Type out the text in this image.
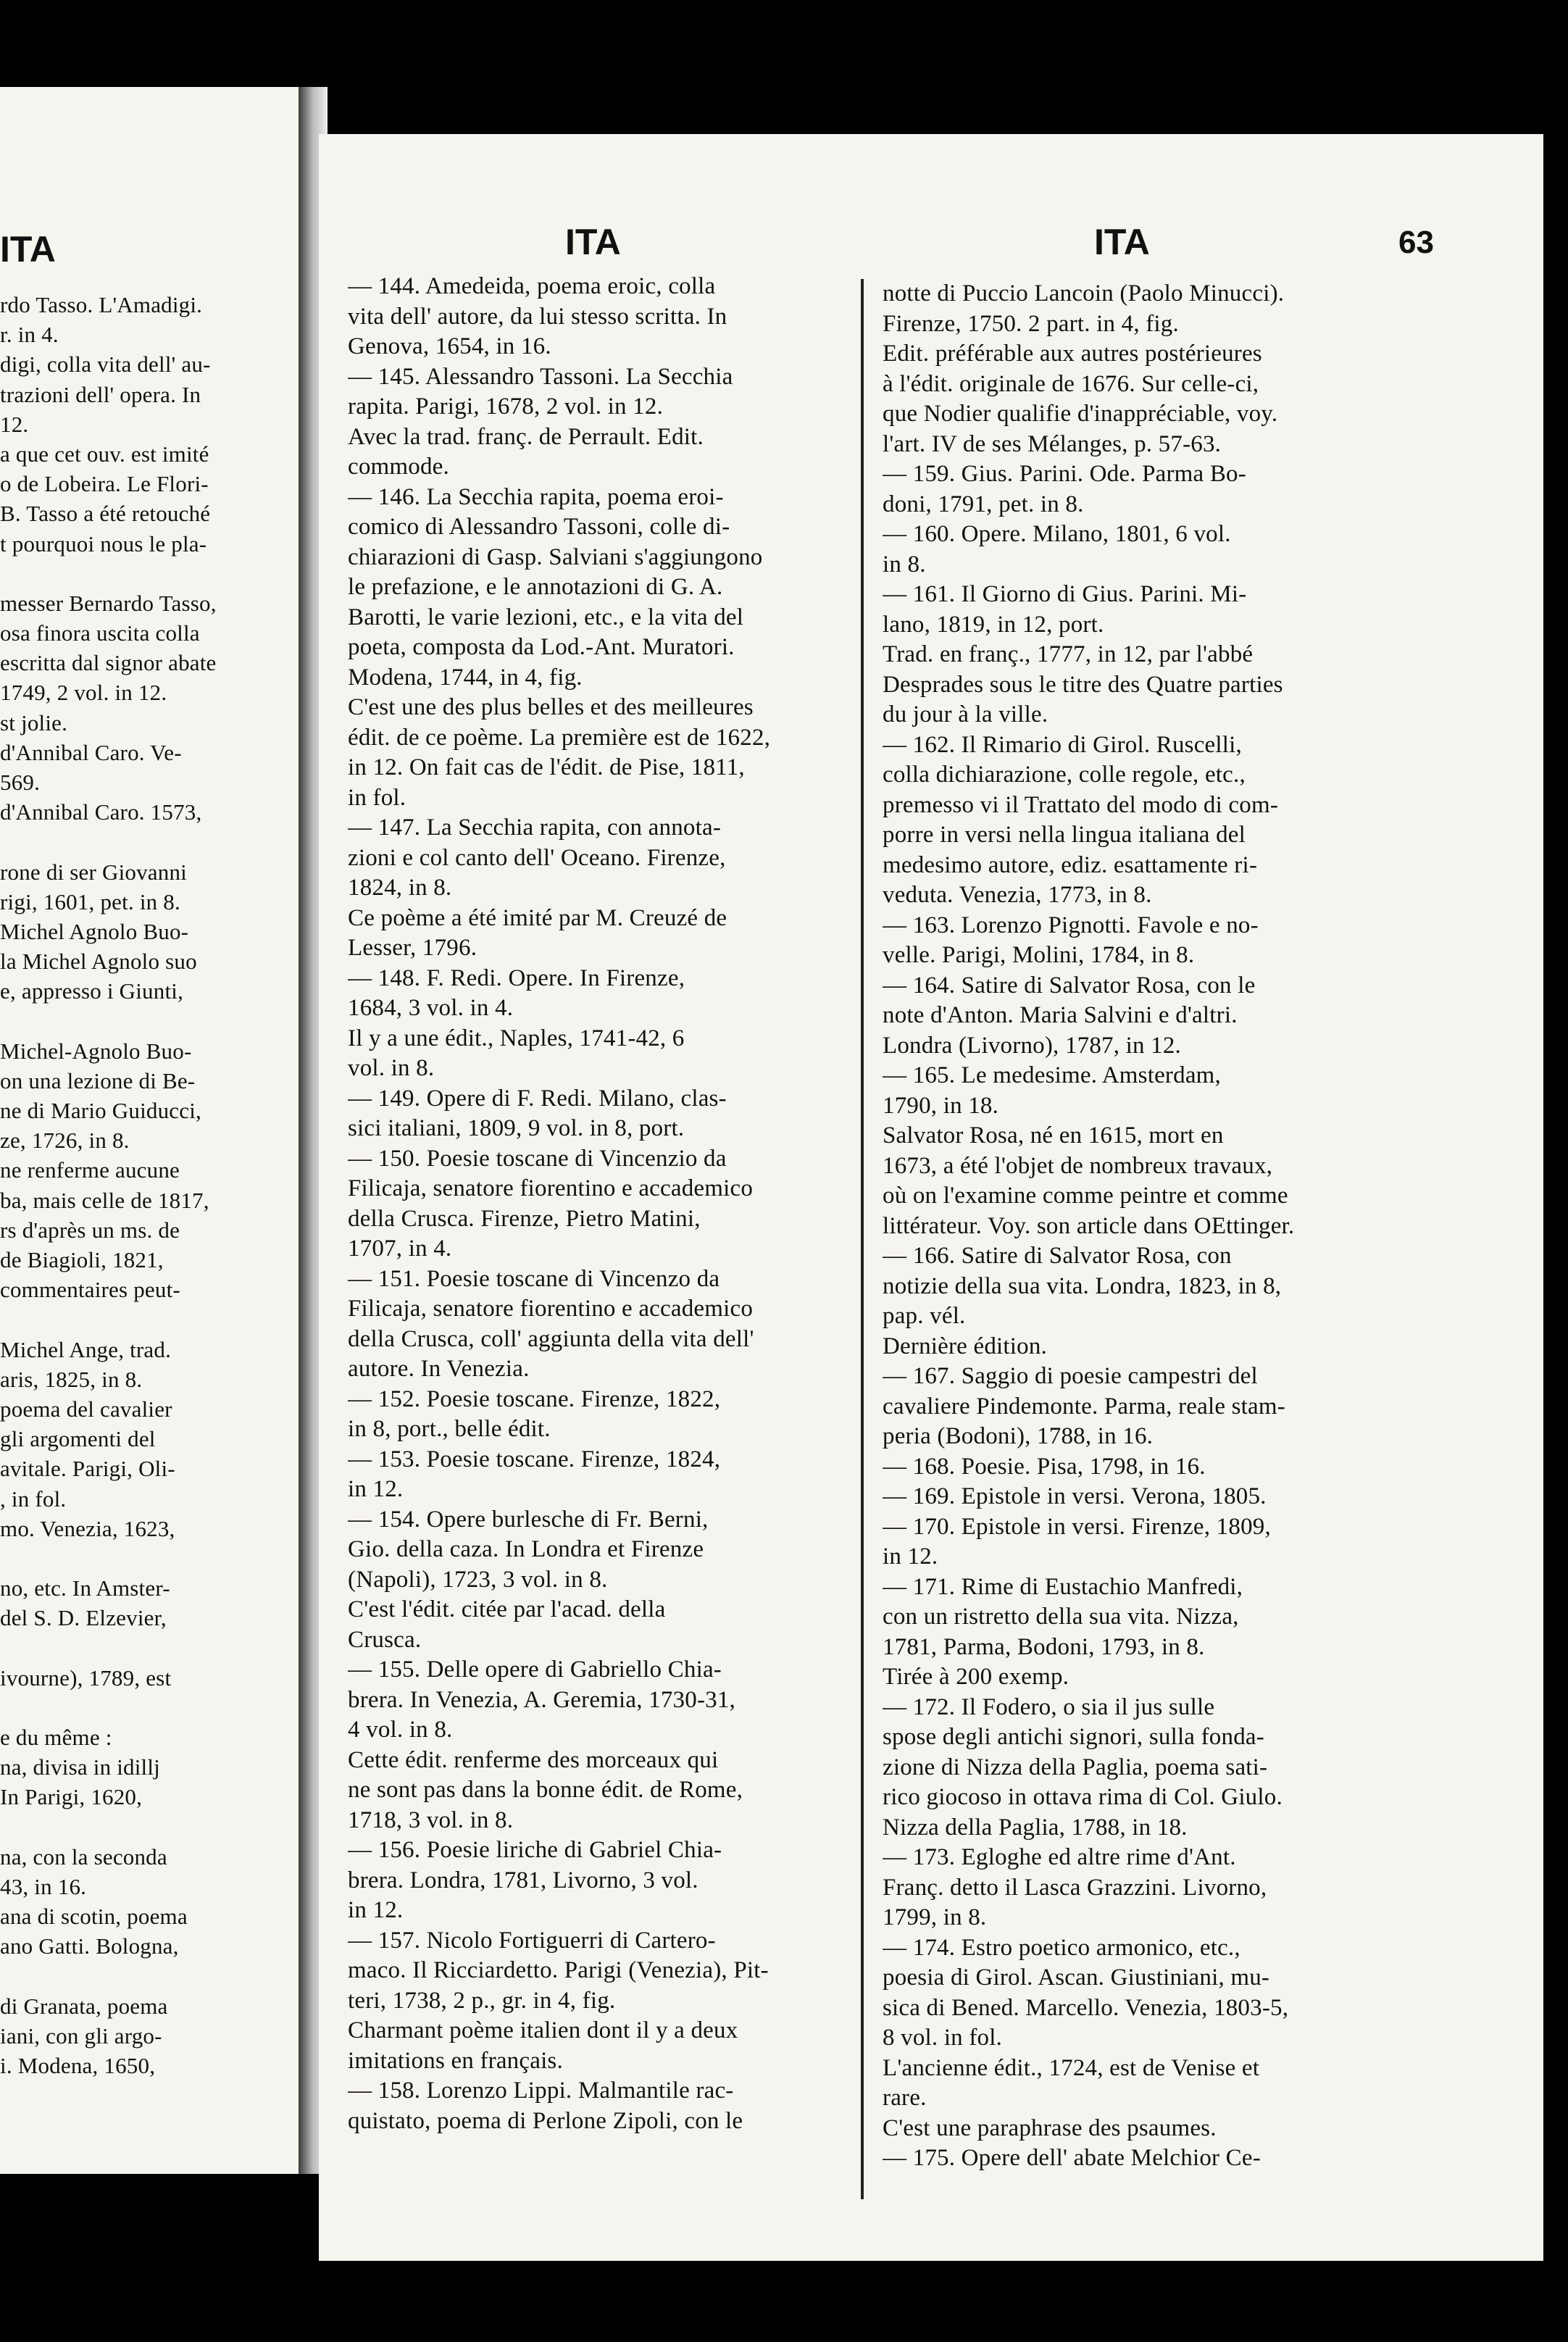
ITA
rdo Tasso. L'Amadigi.
r. in 4.
digi, colla vita dell' au-
trazioni dell' opera. In
12.
a que cet ouv. est imité
o de Lobeira. Le Flori-
B. Tasso a été retouché
t pourquoi nous le pla-
messer Bernardo Tasso,
osa finora uscita colla
escritta dal signor abate
1749, 2 vol. in 12.
st jolie.
d'Annibal Caro. Ve-
569.
d'Annibal Caro. 1573,
rone di ser Giovanni
rigi, 1601, pet. in 8.
Michel Agnolo Buo-
la Michel Agnolo suo
e, appresso i Giunti,
Michel-Agnolo Buo-
on una lezione di Be-
ne di Mario Guiducci,
ze, 1726, in 8.
ne renferme aucune
ba, mais celle de 1817,
rs d'après un ms. de
de Biagioli, 1821,
commentaires peut-
Michel Ange, trad.
aris, 1825, in 8.
poema del cavalier
gli argomenti del
avitale. Parigi, Oli-
, in fol.
mo. Venezia, 1623,
no, etc. In Amster-
del S. D. Elzevier,
ivourne), 1789, est
e du même :
na, divisa in idillj
In Parigi, 1620,
na, con la seconda
43, in 16.
ana di scotin, poema
ano Gatti. Bologna,
di Granata, poema
iani, con gli argo-
i. Modena, 1650,
ITA	ITA	63
— 144. Amedeida, poema eroic, colla
vita dell' autore, da lui stesso scritta. In
Genova, 1654, in 16.
— 145. Alessandro Tassoni. La Secchia
rapita. Parigi, 1678, 2 vol. in 12.
Avec la trad. franç. de Perrault. Edit.
commode.
— 146. La Secchia rapita, poema eroi-
comico di Alessandro Tassoni, colle di-
chiarazioni di Gasp. Salviani s'aggiungono
le prefazione, e le annotazioni di G. A.
Barotti, le varie lezioni, etc., e la vita del
poeta, composta da Lod.-Ant. Muratori.
Modena, 1744, in 4, fig.
C'est une des plus belles et des meilleures
édit. de ce poème. La première est de 1622,
in 12. On fait cas de l'édit. de Pise, 1811,
in fol.
— 147. La Secchia rapita, con annota-
zioni e col canto dell' Oceano. Firenze,
1824, in 8.
Ce poème a été imité par M. Creuzé de
Lesser, 1796.
— 148. F. Redi. Opere. In Firenze,
1684, 3 vol. in 4.
Il y a une édit., Naples, 1741-42, 6
vol. in 8.
— 149. Opere di F. Redi. Milano, clas-
sici italiani, 1809, 9 vol. in 8, port.
— 150. Poesie toscane di Vincenzio da
Filicaja, senatore fiorentino e accademico
della Crusca. Firenze, Pietro Matini,
1707, in 4.
— 151. Poesie toscane di Vincenzo da
Filicaja, senatore fiorentino e accademico
della Crusca, coll' aggiunta della vita dell'
autore. In Venezia.
— 152. Poesie toscane. Firenze, 1822,
in 8, port., belle édit.
— 153. Poesie toscane. Firenze, 1824,
in 12.
— 154. Opere burlesche di Fr. Berni,
Gio. della caza. In Londra et Firenze
(Napoli), 1723, 3 vol. in 8.
C'est l'édit. citée par l'acad. della
Crusca.
— 155. Delle opere di Gabriello Chia-
brera. In Venezia, A. Geremia, 1730-31,
4 vol. in 8.
Cette édit. renferme des morceaux qui
ne sont pas dans la bonne édit. de Rome,
1718, 3 vol. in 8.
— 156. Poesie liriche di Gabriel Chia-
brera. Londra, 1781, Livorno, 3 vol.
in 12.
— 157. Nicolo Fortiguerri di Cartero-
maco. Il Ricciardetto. Parigi (Venezia), Pit-
teri, 1738, 2 p., gr. in 4, fig.
Charmant poème italien dont il y a deux
imitations en français.
— 158. Lorenzo Lippi. Malmantile rac-
quistato, poema di Perlone Zipoli, con le
notte di Puccio Lancoin (Paolo Minucci).
Firenze, 1750. 2 part. in 4, fig.
Edit. préférable aux autres postérieures
à l'édit. originale de 1676. Sur celle-ci,
que Nodier qualifie d'inappréciable, voy.
l'art. IV de ses Mélanges, p. 57-63.
— 159. Gius. Parini. Ode. Parma Bo-
doni, 1791, pet. in 8.
— 160. Opere. Milano, 1801, 6 vol.
in 8.
— 161. Il Giorno di Gius. Parini. Mi-
lano, 1819, in 12, port.
Trad. en franç., 1777, in 12, par l'abbé
Desprades sous le titre des Quatre parties
du jour à la ville.
— 162. Il Rimario di Girol. Ruscelli,
colla dichiarazione, colle regole, etc.,
premesso vi il Trattato del modo di com-
porre in versi nella lingua italiana del
medesimo autore, ediz. esattamente ri-
veduta. Venezia, 1773, in 8.
— 163. Lorenzo Pignotti. Favole e no-
velle. Parigi, Molini, 1784, in 8.
— 164. Satire di Salvator Rosa, con le
note d'Anton. Maria Salvini e d'altri.
Londra (Livorno), 1787, in 12.
— 165. Le medesime. Amsterdam,
1790, in 18.
Salvator Rosa, né en 1615, mort en
1673, a été l'objet de nombreux travaux,
où on l'examine comme peintre et comme
littérateur. Voy. son article dans OEttinger.
— 166. Satire di Salvator Rosa, con
notizie della sua vita. Londra, 1823, in 8,
pap. vél.
Dernière édition.
— 167. Saggio di poesie campestri del
cavaliere Pindemonte. Parma, reale stam-
peria (Bodoni), 1788, in 16.
— 168. Poesie. Pisa, 1798, in 16.
— 169. Epistole in versi. Verona, 1805.
— 170. Epistole in versi. Firenze, 1809,
in 12.
— 171. Rime di Eustachio Manfredi,
con un ristretto della sua vita. Nizza,
1781, Parma, Bodoni, 1793, in 8.
Tirée à 200 exemp.
— 172. Il Fodero, o sia il jus sulle
spose degli antichi signori, sulla fonda-
zione di Nizza della Paglia, poema sati-
rico giocoso in ottava rima di Col. Giulo.
Nizza della Paglia, 1788, in 18.
— 173. Egloghe ed altre rime d'Ant.
Franç. detto il Lasca Grazzini. Livorno,
1799, in 8.
— 174. Estro poetico armonico, etc.,
poesia di Girol. Ascan. Giustiniani, mu-
sica di Bened. Marcello. Venezia, 1803-5,
8 vol. in fol.
L'ancienne édit., 1724, est de Venise et
rare.
C'est une paraphrase des psaumes.
— 175. Opere dell' abate Melchior Ce-
